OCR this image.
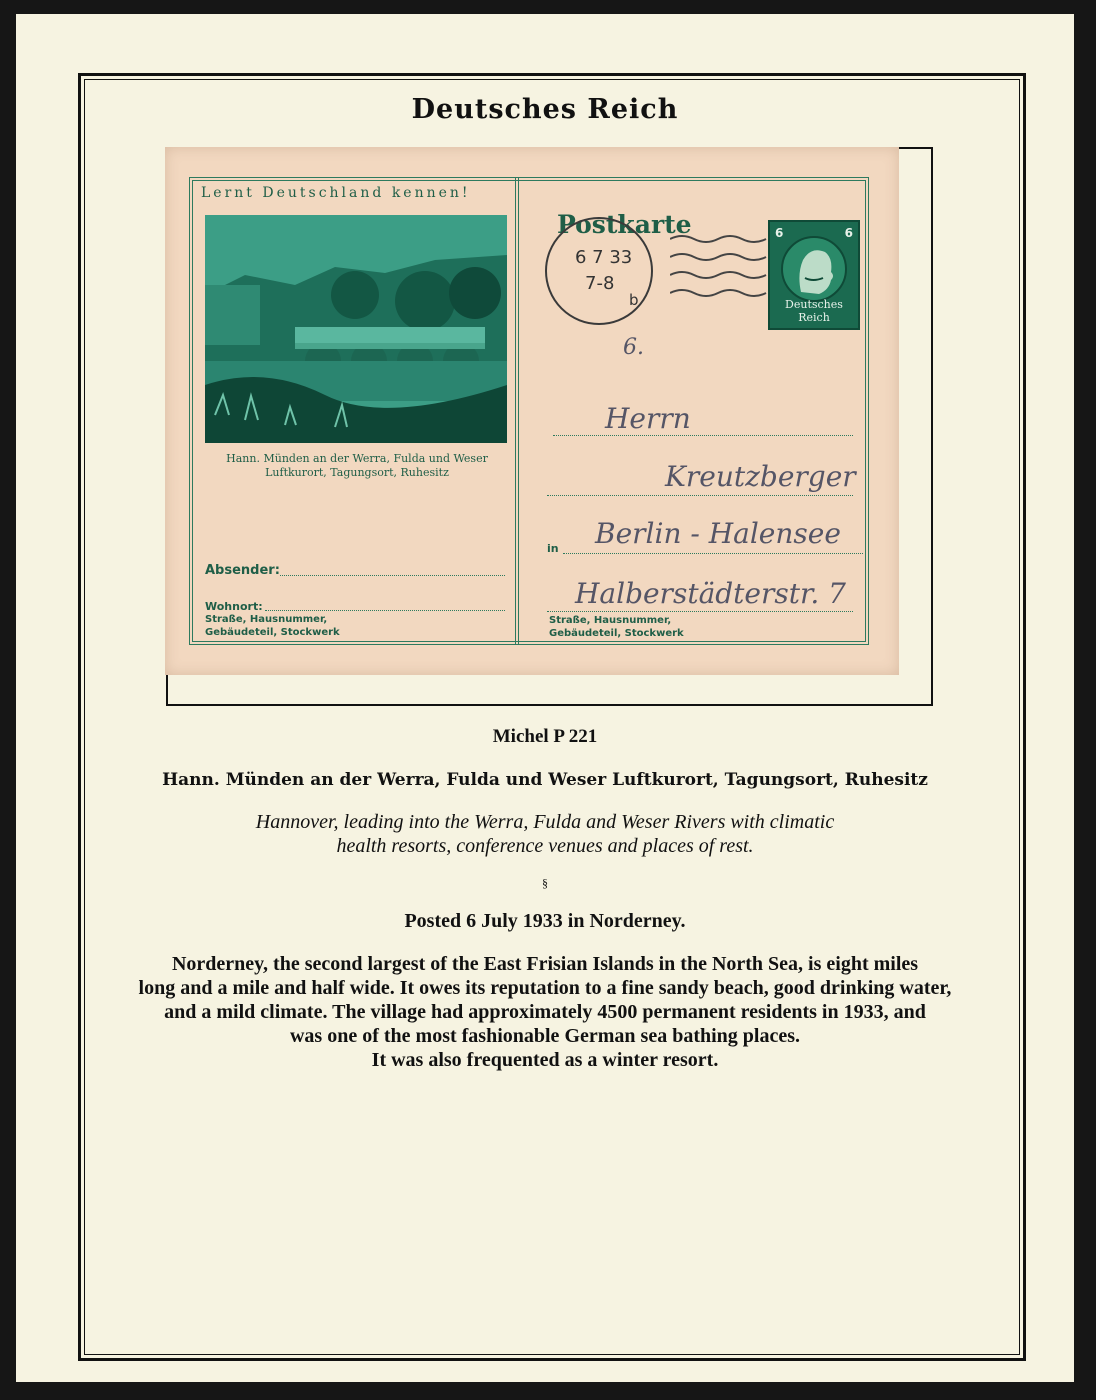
Deutsches Reich
Lernt Deutschland kennen!
Hann. Münden an der Werra, Fulda und Weser
Luftkurort, Tagungsort, Ruhesitz
Absender:
Wohnort:
Straße, Hausnummer,
Gebäudeteil, Stockwerk
Postkarte
6 7 33
7-8
b
6	6
Deutsches Reich
6.
Herrn
Kreutzberger
in Berlin - Halensee
Halberstädterstr. 7
Straße, Hausnummer,
Gebäudeteil, Stockwerk
Michel P 221
Hann. Münden an der Werra, Fulda und Weser Luftkurort, Tagungsort, Ruhesitz
Hannover, leading into the Werra, Fulda and Weser Rivers with climatic
health resorts, conference venues and places of rest.
§
Posted 6 July 1933 in Norderney.
Norderney, the second largest of the East Frisian Islands in the North Sea, is eight miles
long and a mile and half wide. It owes its reputation to a fine sandy beach, good drinking water,
and a mild climate. The village had approximately 4500 permanent residents in 1933, and
was one of the most fashionable German sea bathing places.
It was also frequented as a winter resort.
